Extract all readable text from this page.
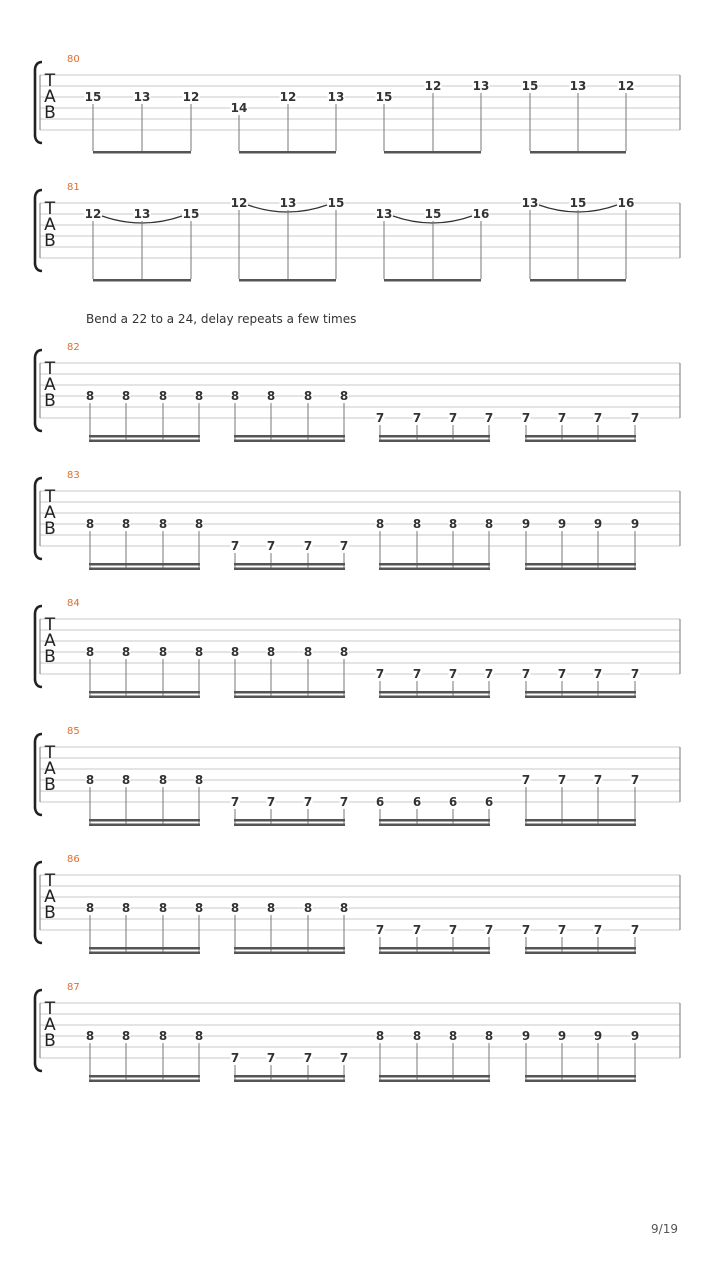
T
A
B
80
15	13	12
14
12	13	15
12	13	15	13	12
T
A
B
81
12	13	15
12	13	15
13	15	16
13	15	16
T
A
B
82
8 8 8 8 8 8 8 8
7 7 7 7 7 7 7 7
T
A
B
83
8 8 8 8
7 7 7 7
8 8 8 8 9 9 9 9
T
A
B
84
8 8 8 8 8 8 8 8
7 7 7 7 7 7 7 7
T
A
B
85
8 8 8 8
7 7 7 7 6 6 6 6
7 7 7 7
T
A
B
86
8 8 8 8 8 8 8 8
7 7 7 7 7 7 7 7
T
A
B
87
8 8 8 8
7 7 7 7
8 8 8 8 9 9 9 9
Bend a 22 to a 24, delay repeats a few times
9/19
